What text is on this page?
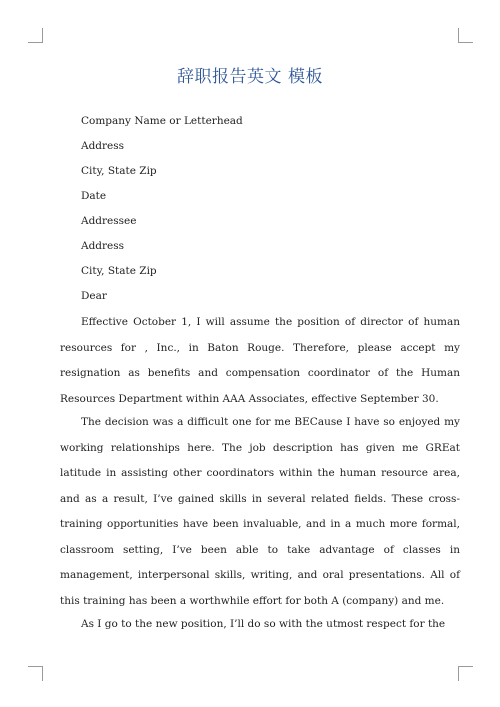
辞职报告英文 模板
Company Name or Letterhead
Address
City, State Zip
Date
Addressee
Address
City, State Zip
Dear
Effective October 1, I will assume the position of director of human resources for , Inc., in Baton Rouge. Therefore, please accept my resignation as benefits and compensation coordinator of the Human Resources Department within AAA Associates, effective September 30.
The decision was a difficult one for me BECause I have so enjoyed my working relationships here. The job description has given me GREat latitude in assisting other coordinators within the human resource area, and as a result, I’ve gained skills in several related fields. These cross-training opportunities have been invaluable, and in a much more formal, classroom setting, I’ve been able to take advantage of classes in management, interpersonal skills, writing, and oral presentations. All of this training has been a worthwhile effort for both A (company) and me.
As I go to the new position, I’ll do so with the utmost respect for the
